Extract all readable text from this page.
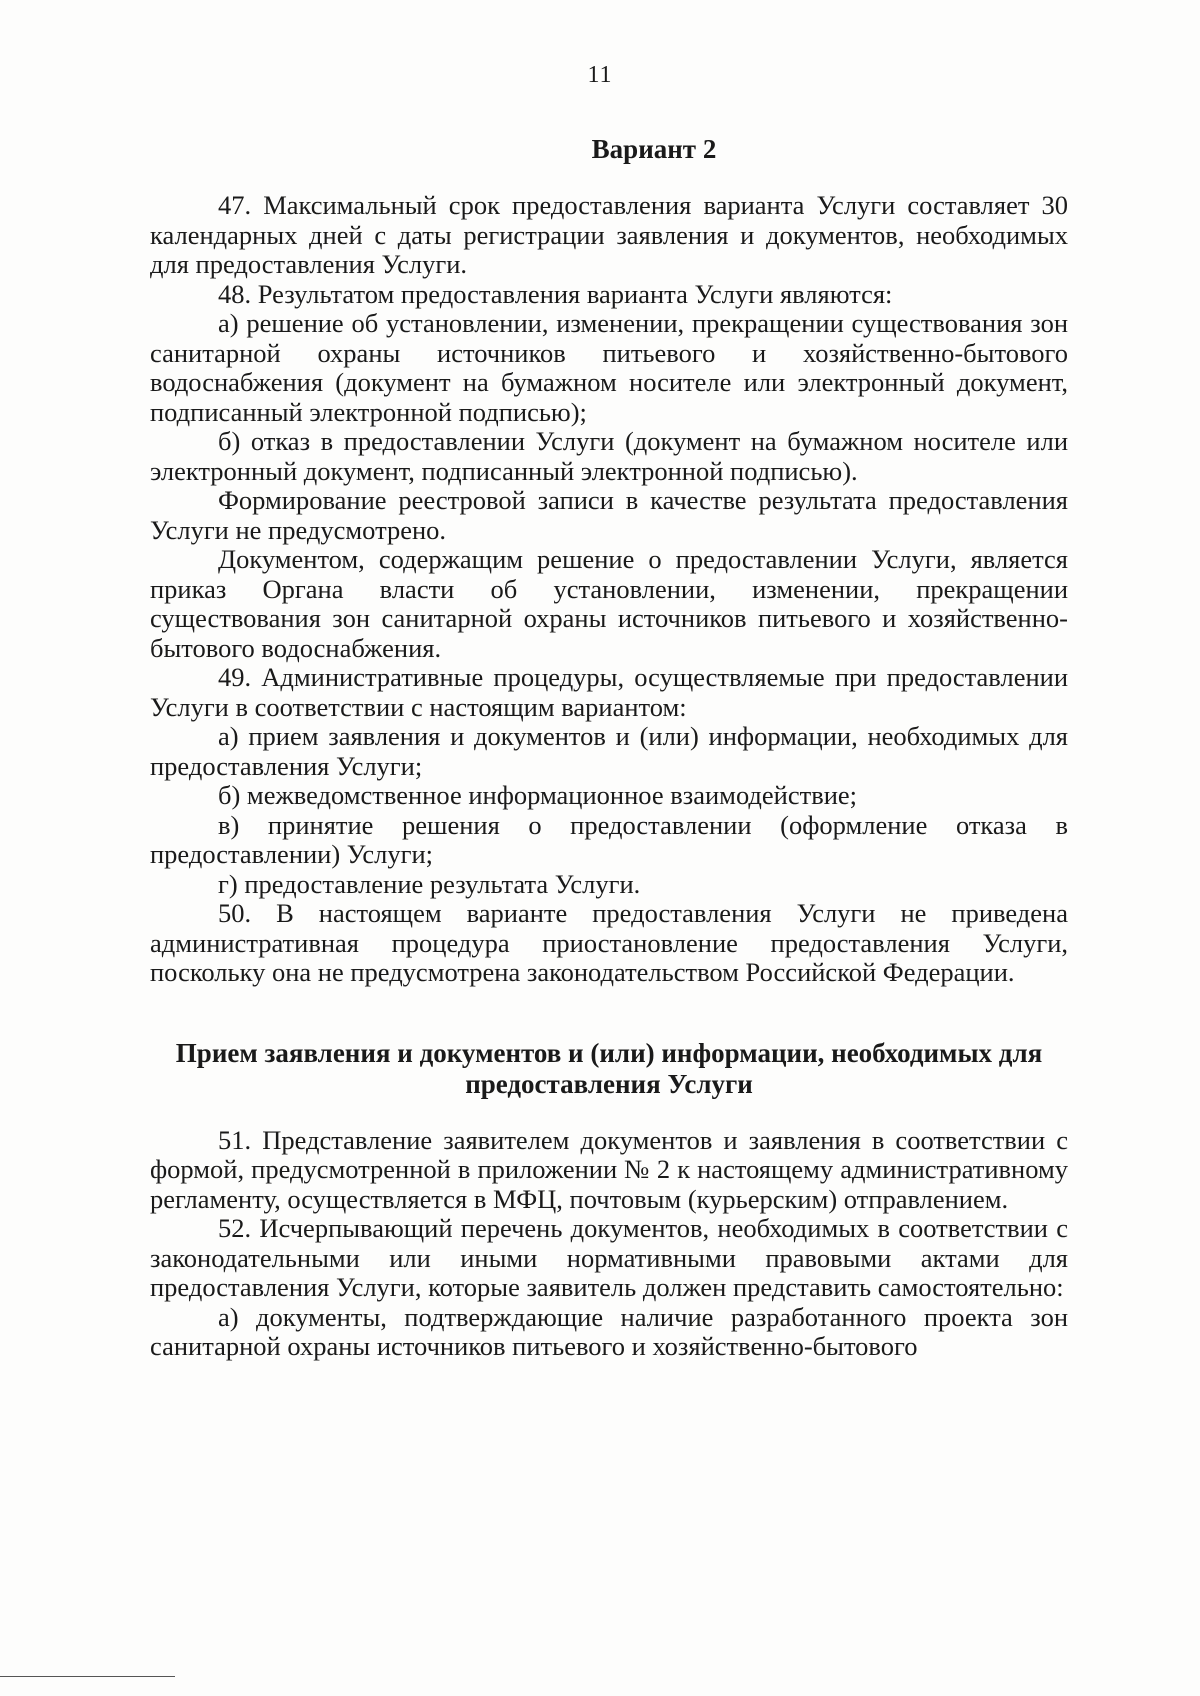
11
Вариант 2

47. Максимальный срок предоставления варианта Услуги составляет 30 календарных дней с даты регистрации заявления и документов, необходимых для предоставления Услуги.

48. Результатом предоставления варианта Услуги являются:

а) решение об установлении, изменении, прекращении существования зон санитарной охраны источников питьевого и хозяйственно-бытового водоснабжения (документ на бумажном носителе или электронный документ, подписанный электронной подписью);

б) отказ в предоставлении Услуги (документ на бумажном носителе или электронный документ, подписанный электронной подписью).

Формирование реестровой записи в качестве результата предоставления Услуги не предусмотрено.

Документом, содержащим решение о предоставлении Услуги, является приказ Органа власти об установлении, изменении, прекращении существования зон санитарной охраны источников питьевого и хозяйственно-бытового водоснабжения.

49. Административные процедуры, осуществляемые при предоставлении Услуги в соответствии с настоящим вариантом:

а) прием заявления и документов и (или) информации, необходимых для предоставления Услуги;

б) межведомственное информационное взаимодействие;

в) принятие решения о предоставлении (оформление отказа в предоставлении) Услуги;

г) предоставление результата Услуги.

50. В настоящем варианте предоставления Услуги не приведена административная процедура приостановление предоставления Услуги, поскольку она не предусмотрена законодательством Российской Федерации.

Прием заявления и документов и (или) информации, необходимых для предоставления Услуги

51. Представление заявителем документов и заявления в соответствии с формой, предусмотренной в приложении № 2 к настоящему административному регламенту, осуществляется в МФЦ, почтовым (курьерским) отправлением.

52. Исчерпывающий перечень документов, необходимых в соответствии с законодательными или иными нормативными правовыми актами для предоставления Услуги, которые заявитель должен представить самостоятельно:

а) документы, подтверждающие наличие разработанного проекта зон санитарной охраны источников питьевого и хозяйственно-бытового
